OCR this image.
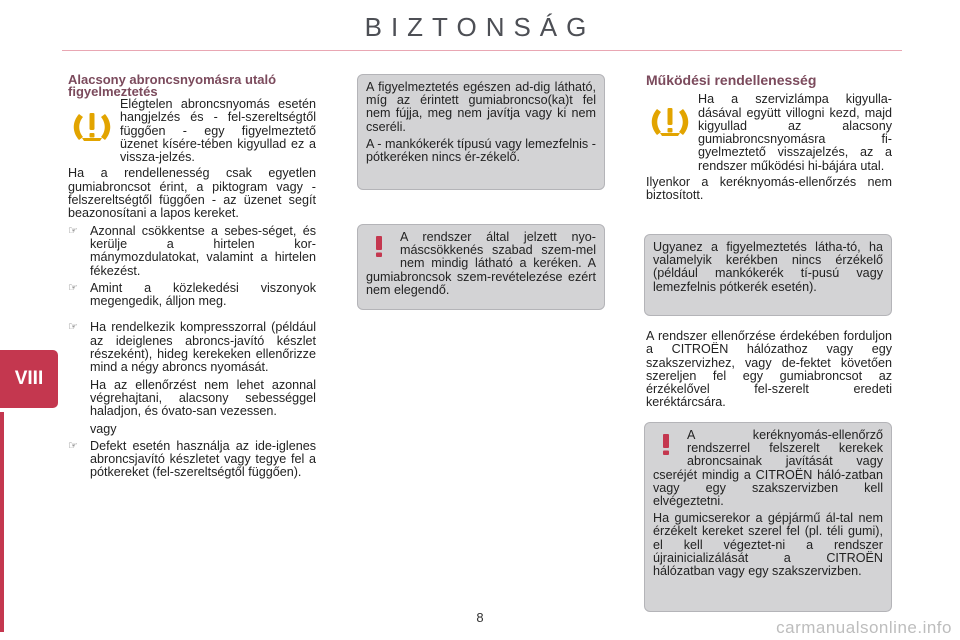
BIZTONSÁG
VIII
Alacsony abroncsnyomásra utaló figyelmeztetés
Elégtelen abroncsnyomás esetén hangjelzés és - fel-szereltségtől függően - egy figyelmeztető üzenet kísére-tében kigyullad ez a vissza-jelzés.

Ha a rendellenesség csak egyetlen gumiabroncsot érint, a piktogram vagy - felszereltségtől függően - az üzenet segít beazonosítani a lapos kereket.

☞ Azonnal csökkentse a sebes-séget, és kerülje a hirtelen kor-mánymozdulatokat, valamint a hirtelen fékezést.
☞ Amint a közlekedési viszonyok megengedik, álljon meg.
☞ Ha rendelkezik kompresszorral (például az ideiglenes abroncs-javító készlet részeként), hideg kerekeken ellenőrizze mind a négy abroncs nyomását.

Ha az ellenőrzést nem lehet azonnal végrehajtani, alacsony sebességgel haladjon, és óvato-san vezessen.

vagy

☞ Defekt esetén használja az ide-iglenes abroncsjavító készletet vagy tegye fel a pótkereket (fel-szereltségtől függően).

A figyelmeztetés egészen ad-dig látható, míg az érintett gumiabroncso(ka)t fel nem fújja, meg nem javítja vagy ki nem cseréli.

A - mankókerék típusú vagy lemezfelnis - pótkeréken nincs ér-zékelő.

A rendszer által jelzett nyo-máscsökkenés szabad szem-mel nem mindig látható a keréken. A gumiabroncsok szem-revételezése ezért nem elegendő.
Működési rendellenesség
Ha a szervizlámpa kigyulla-dásával együtt villogni kezd, majd kigyullad az alacsony gumiabroncsnyomásra fi-gyelmeztető visszajelzés, az a rendszer működési hi-bájára utal.

Ilyenkor a keréknyomás-ellenőrzés nem biztosított.

Ugyanez a figyelmeztetés látha-tó, ha valamelyik kerékben nincs érzékelő (például mankókerék tí-pusú vagy lemezfelnis pótkerék esetén).

A rendszer ellenőrzése érdekében forduljon a CITROËN hálózathoz vagy egy szakszervizhez, vagy de-fektet követően szereljen fel egy gumiabroncsot az érzékelővel fel-szerelt eredeti keréktárcsára.

A keréknyomás-ellenőrző rendszerrel felszerelt kerekek abroncsainak javítását vagy cseréjét mindig a CITROËN háló-zatban vagy egy szakszervizben kell elvégeztetni.

Ha gumicserekor a gépjármű ál-tal nem érzékelt kereket szerel fel (pl. téli gumi), el kell végeztet-ni a rendszer újrainicializálását a CITROËN hálózatban vagy egy szakszervizben.

8
carmanualsonline.info
